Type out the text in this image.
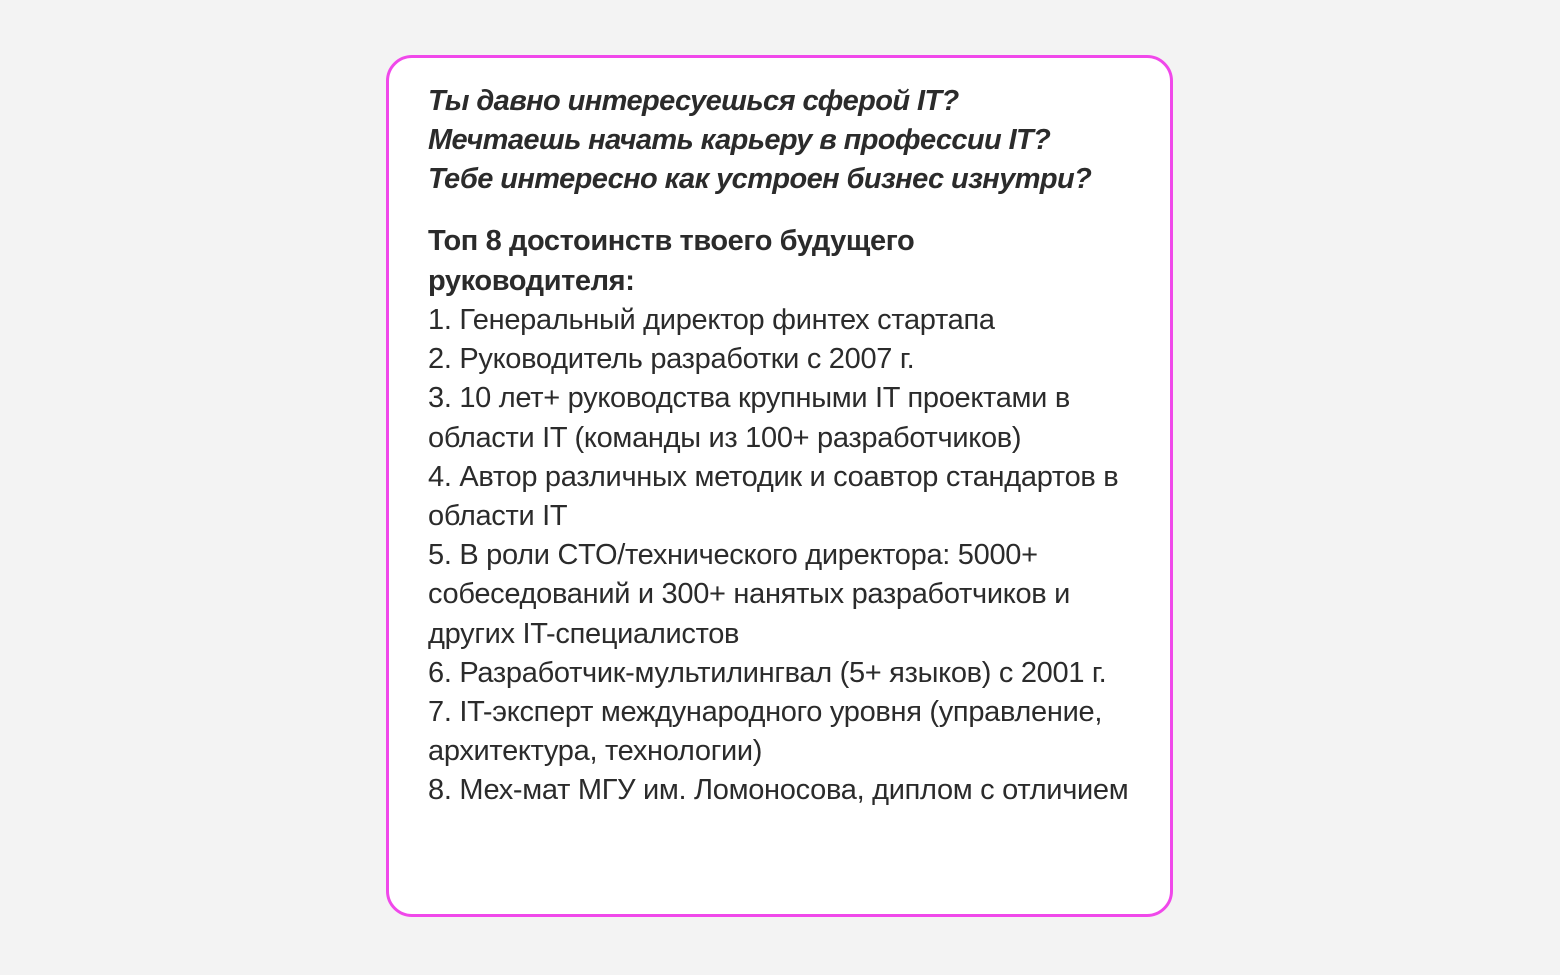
Ты давно интересуешься сферой IT?
Мечтаешь начать карьеру в профессии IT?
Тебе интересно как устроен бизнес изнутри?
Топ 8 достоинств твоего будущего руководителя:
1. Генеральный директор финтех стартапа
2. Руководитель разработки с 2007 г.
3. 10 лет+ руководства крупными IT проектами в области IT (команды из 100+ разработчиков)
4. Автор различных методик и соавтор стандартов в области IT
5. В роли CTO/технического директора: 5000+ собеседований и 300+ нанятых разработчиков и других IT-специалистов
6. Разработчик-мультилингвал (5+ языков) с 2001 г.
7. IT-эксперт международного уровня (управление, архитектура, технологии)
8. Мех-мат МГУ им. Ломоносова, диплом с отличием
